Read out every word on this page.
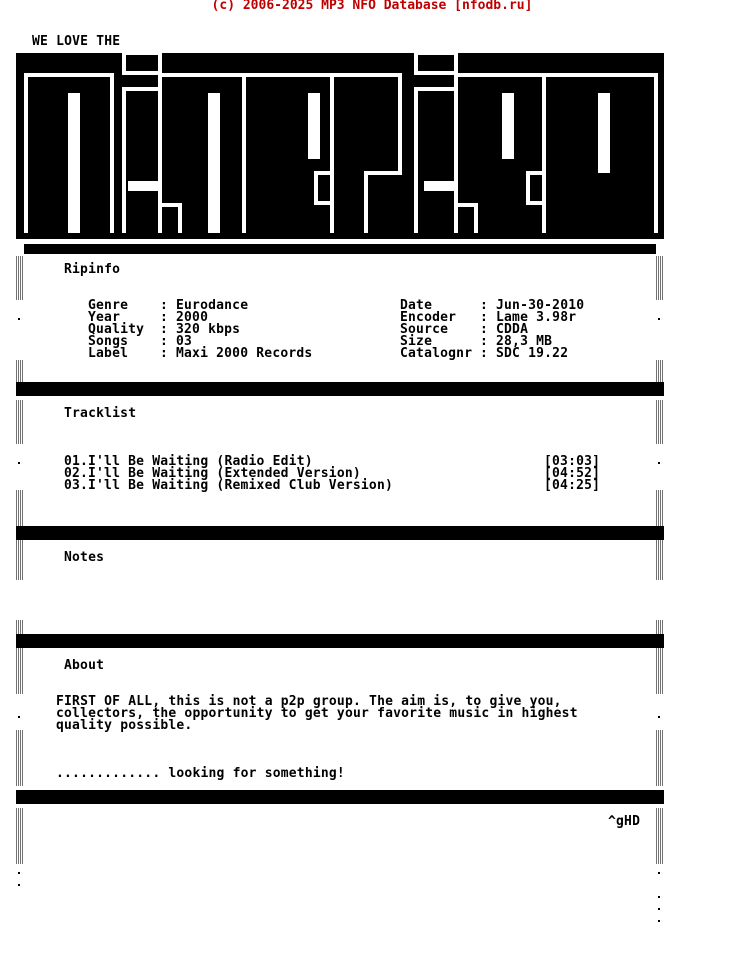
(c) 2006-2025 MP3 NFO Database [nfodb.ru]
WE LOVE THE
Ripinfo
Genre : Eurodance
Year	: 2000
Quality : 320 kbps
Songs : 03
Label : Maxi 2000 Records
Date	: Jun-30-2010
Encoder : Lame 3.98r
Source : CDDA
Size	: 28,3 MB
Catalognr : SDC 19.22
Tracklist
01. I'll Be Waiting (Radio Edit)	[03:03]
02. I'll Be Waiting (Extended Version)	[04:52]
03. I'll Be Waiting (Remixed Club Version)	[04:25]
Notes
About
FIRST OF ALL, this is not a p2p group. The aim is, to give you,
collectors, the opportunity to get your favorite music in highest
quality possible.
............. looking for something!
^gHD
